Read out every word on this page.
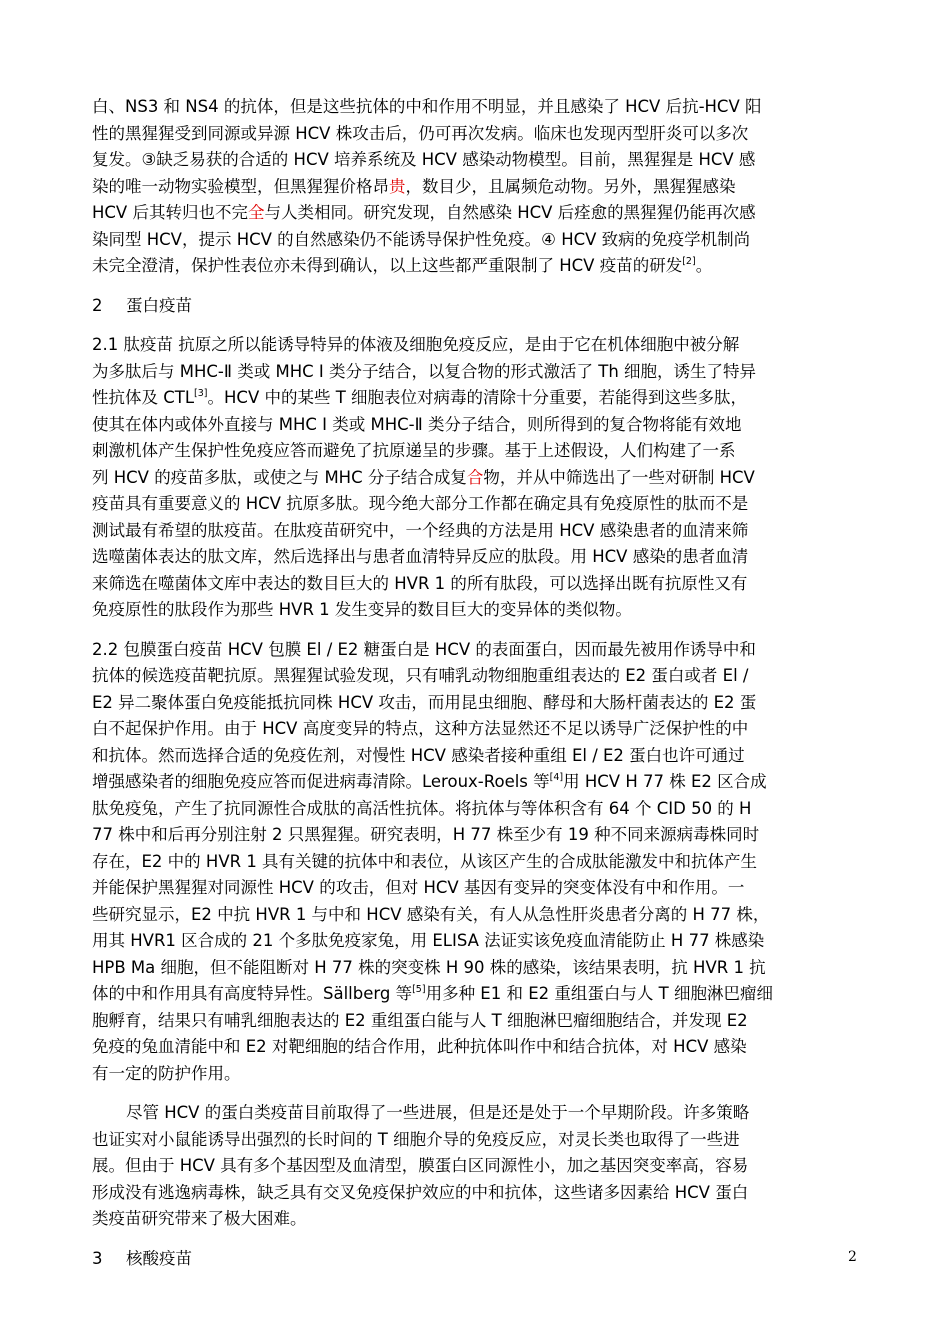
白、NS3 和 NS4 的抗体，但是这些抗体的中和作用不明显，并且感染了 HCV 后抗-HCV 阳
性的黑猩猩受到同源或异源 HCV 株攻击后，仍可再次发病。临床也发现丙型肝炎可以多次
复发。③缺乏易获的合适的 HCV 培养系统及 HCV 感染动物模型。目前，黑猩猩是 HCV 感
染的唯一动物实验模型，但黑猩猩价格昂贵，数目少，且属频危动物。另外，黑猩猩感染
HCV 后其转归也不完全与人类相同。研究发现，自然感染 HCV 后痊愈的黑猩猩仍能再次感
染同型 HCV，提示 HCV 的自然感染仍不能诱导保护性免疫。④ HCV 致病的免疫学机制尚
未完全澄清，保护性表位亦未得到确认，以上这些都严重限制了 HCV 疫苗的研发[2]。
2 蛋白疫苗
2.1 肽疫苗 抗原之所以能诱导特异的体液及细胞免疫反应，是由于它在机体细胞中被分解
为多肽后与 MHC-Ⅱ 类或 MHC I 类分子结合，以复合物的形式激活了 Th 细胞，诱生了特异
性抗体及 CTL[3]。HCV 中的某些 T 细胞表位对病毒的清除十分重要，若能得到这些多肽，
使其在体内或体外直接与 MHC I 类或 MHC-Ⅱ 类分子结合，则所得到的复合物将能有效地
刺激机体产生保护性免疫应答而避免了抗原递呈的步骤。基于上述假设，人们构建了一系
列 HCV 的疫苗多肽，或使之与 MHC 分子结合成复合物，并从中筛选出了一些对研制 HCV
疫苗具有重要意义的 HCV 抗原多肽。现今绝大部分工作都在确定具有免疫原性的肽而不是
测试最有希望的肽疫苗。在肽疫苗研究中，一个经典的方法是用 HCV 感染患者的血清来筛
选噬菌体表达的肽文库，然后选择出与患者血清特异反应的肽段。用 HCV 感染的患者血清
来筛选在噬菌体文库中表达的数目巨大的 HVR 1 的所有肽段，可以选择出既有抗原性又有
免疫原性的肽段作为那些 HVR 1 发生变异的数目巨大的变异体的类似物。
2.2 包膜蛋白疫苗 HCV 包膜 El / E2 糖蛋白是 HCV 的表面蛋白，因而最先被用作诱导中和
抗体的候选疫苗靶抗原。黑猩猩试验发现，只有哺乳动物细胞重组表达的 E2 蛋白或者 El /
E2 异二聚体蛋白免疫能抵抗同株 HCV 攻击，而用昆虫细胞、酵母和大肠杆菌表达的 E2 蛋
白不起保护作用。由于 HCV 高度变异的特点，这种方法显然还不足以诱导广泛保护性的中
和抗体。然而选择合适的免疫佐剂，对慢性 HCV 感染者接种重组 El / E2 蛋白也许可通过
增强感染者的细胞免疫应答而促进病毒清除。Leroux-Roels 等[4]用 HCV H 77 株 E2 区合成
肽免疫兔，产生了抗同源性合成肽的高活性抗体。将抗体与等体积含有 64 个 CID 50 的 H
77 株中和后再分别注射 2 只黑猩猩。研究表明，H 77 株至少有 19 种不同来源病毒株同时
存在，E2 中的 HVR 1 具有关键的抗体中和表位，从该区产生的合成肽能激发中和抗体产生
并能保护黑猩猩对同源性 HCV 的攻击，但对 HCV 基因有变异的突变体没有中和作用。一
些研究显示，E2 中抗 HVR 1 与中和 HCV 感染有关，有人从急性肝炎患者分离的 H 77 株，
用其 HVR1 区合成的 21 个多肽免疫家兔，用 ELISA 法证实该免疫血清能防止 H 77 株感染
HPB Ma 细胞，但不能阻断对 H 77 株的突变株 H 90 株的感染，该结果表明，抗 HVR 1 抗
体的中和作用具有高度特异性。Sällberg 等[5]用多种 E1 和 E2 重组蛋白与人 T 细胞淋巴瘤细
胞孵育，结果只有哺乳细胞表达的 E2 重组蛋白能与人 T 细胞淋巴瘤细胞结合，并发现 E2
免疫的兔血清能中和 E2 对靶细胞的结合作用，此种抗体叫作中和结合抗体，对 HCV 感染
有一定的防护作用。
尽管 HCV 的蛋白类疫苗目前取得了一些进展，但是还是处于一个早期阶段。许多策略
也证实对小鼠能诱导出强烈的长时间的 T 细胞介导的免疫反应，对灵长类也取得了一些进
展。但由于 HCV 具有多个基因型及血清型，膜蛋白区同源性小，加之基因突变率高，容易
形成没有逃逸病毒株，缺乏具有交叉免疫保护效应的中和抗体，这些诸多因素给 HCV 蛋白
类疫苗研究带来了极大困难。
3 核酸疫苗	2
